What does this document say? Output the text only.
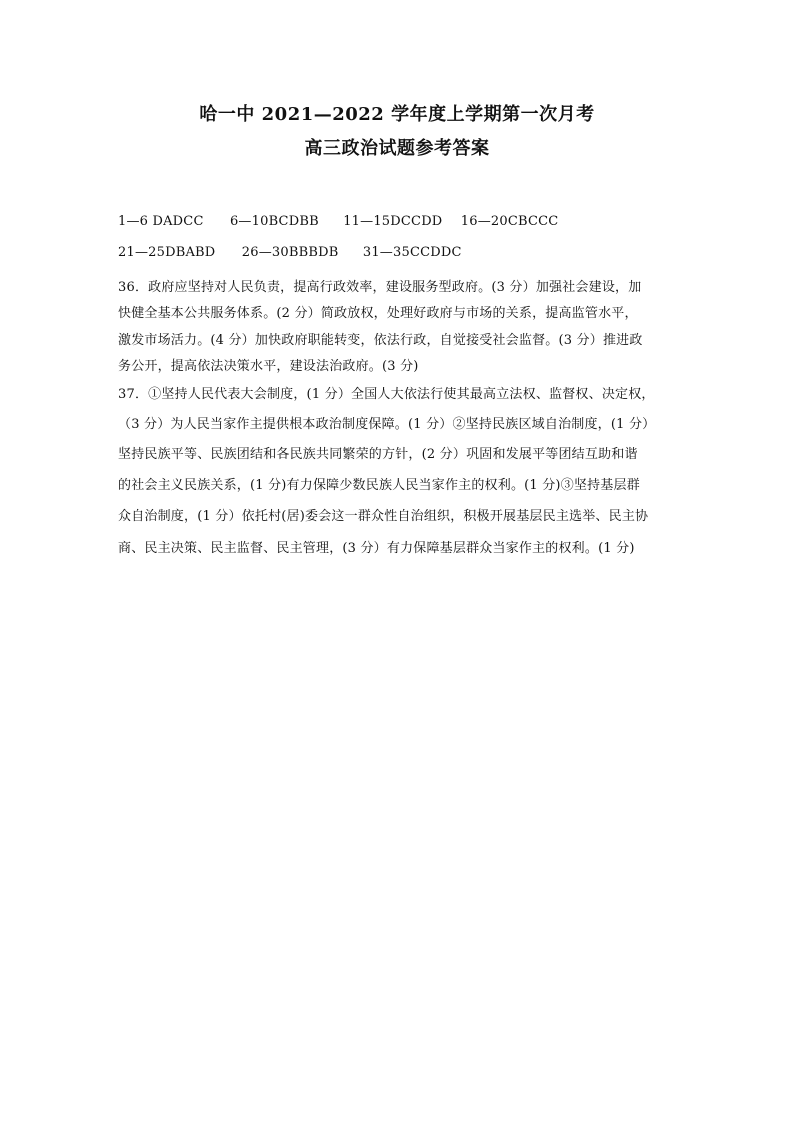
哈一中 2021—2022 学年度上学期第一次月考
高三政治试题参考答案
1—6 DADCC 6—10BCDBB 11—15DCCDD 16—20CBCCC
21—25DBABD 26—30BBBDB 31—35CCDDC
36．政府应坚持对人民负责，提高行政效率，建设服务型政府。(3 分）加强社会建设，加
快健全基本公共服务体系。(2 分）简政放权，处理好政府与市场的关系，提高监管水平，
激发市场活力。(4 分）加快政府职能转变，依法行政，自觉接受社会监督。(3 分）推进政
务公开，提高依法决策水平，建设法治政府。(3 分)
37．①坚持人民代表大会制度，(1 分）全国人大依法行使其最高立法权、监督权、决定权，
（3 分）为人民当家作主提供根本政治制度保障。(1 分）②坚持民族区域自治制度，(1 分）
坚持民族平等、民族团结和各民族共同繁荣的方针，(2 分）巩固和发展平等团结互助和谐
的社会主义民族关系，(1 分)有力保障少数民族人民当家作主的权利。(1 分)③坚持基层群
众自治制度，(1 分）依托村(居)委会这一群众性自治组织，积极开展基层民主选举、民主协
商、民主决策、民主监督、民主管理，(3 分）有力保障基层群众当家作主的权利。(1 分)
